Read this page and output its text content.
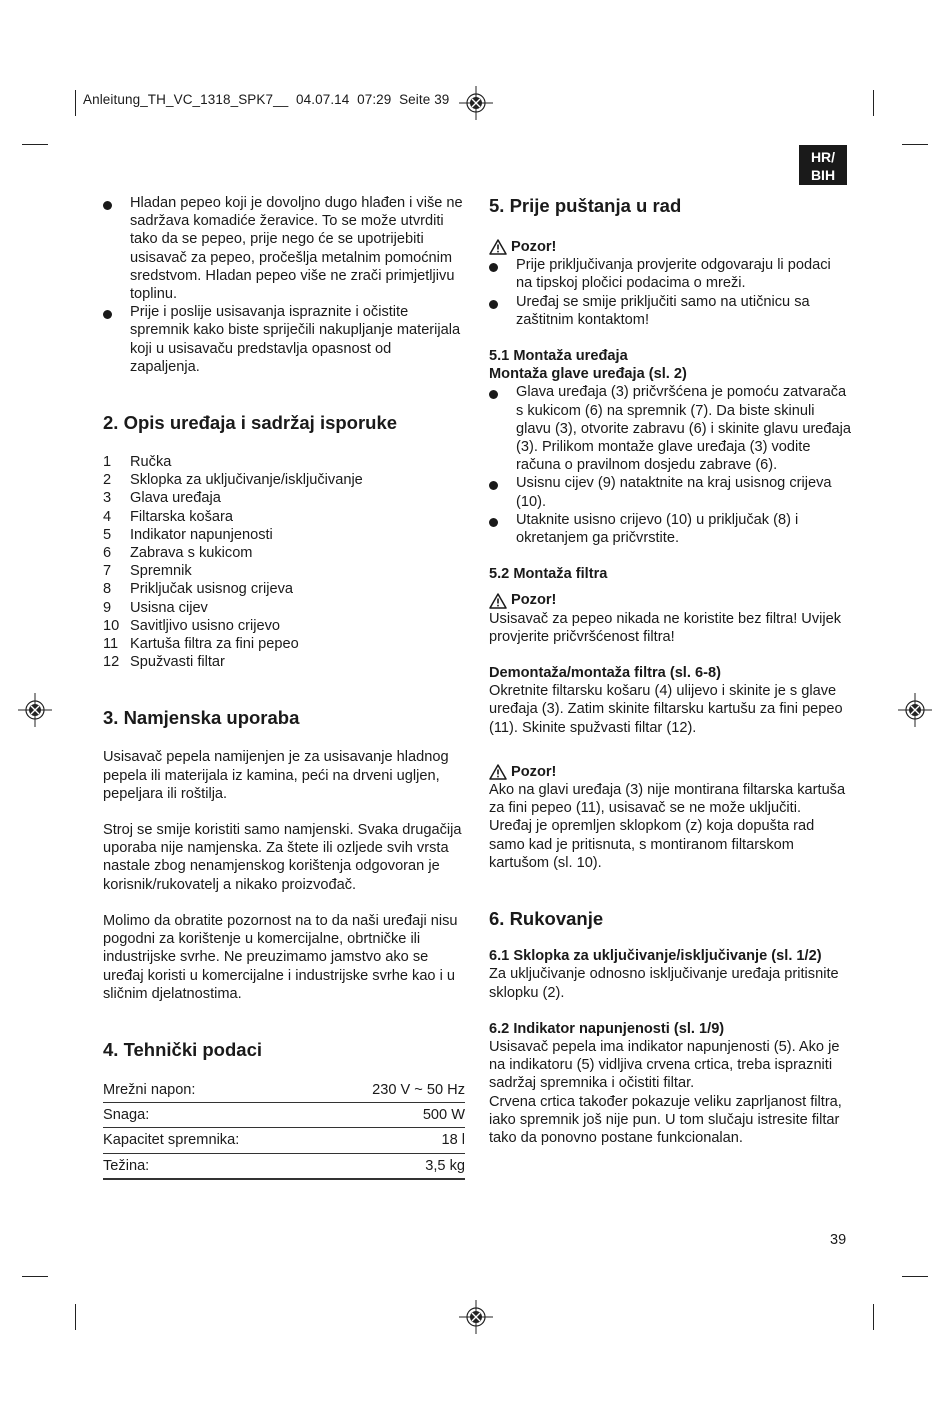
Anleitung_TH_VC_1318_SPK7__  04.07.14  07:29  Seite 39
HR/
BIH
Hladan pepeo koji je dovoljno dugo hlađen i više ne sadržava komadiće žeravice. To se može utvrditi tako da se pepeo, prije nego će se upotrijebiti usisavač za pepeo, pročešlja metalnim pomoćnim sredstvom. Hladan pepeo više ne zrači primjetljivu toplinu.
Prije i poslije usisavanja ispraznite i očistite spremnik kako biste spriječili nakupljanje materijala koji u usisavaču predstavlja opasnost od zapaljenja.
2. Opis uređaja i sadržaj isporuke
1	Ručka
2	Sklopka za uključivanje/isključivanje
3	Glava uređaja
4	Filtarska košara
5	Indikator napunjenosti
6	Zabrava s kukicom
7	Spremnik
8	Priključak usisnog crijeva
9	Usisna cijev
10 Savitljivo usisno crijevo
11 Kartuša filtra za fini pepeo
12 Spužvasti filtar
3. Namjenska uporaba
Usisavač pepela namijenjen je za usisavanje hladnog pepela ili materijala iz kamina, peći na drveni ugljen, pepeljara ili roštilja.
Stroj se smije koristiti samo namjenski. Svaka drugačija uporaba nije namjenska. Za štete ili ozljede svih vrsta nastale zbog nenamjenskog korištenja odgovoran je korisnik/rukovatelj a nikako proizvođač.
Molimo da obratite pozornost na to da naši uređaji nisu pogodni za korištenje u komercijalne, obrtničke ili industrijske svrhe. Ne preuzimamo jamstvo ako se uređaj koristi u komercijalne i industrijske svrhe kao i u sličnim djelatnostima.
4. Tehnički podaci
Mrežni napon:	230 V ~ 50 Hz
Snaga:	500 W
Kapacitet spremnika:	18 l
Težina:	3,5 kg
5. Prije puštanja u rad
Pozor!
Prije priključivanja provjerite odgovaraju li podaci na tipskoj pločici podacima o mreži.
Uređaj se smije priključiti samo na utičnicu sa zaštitnim kontaktom!
5.1 Montaža uređaja
Montaža glave uređaja (sl. 2)
Glava uređaja (3) pričvršćena je pomoću zatvarača s kukicom (6) na spremnik (7). Da biste skinuli glavu (3), otvorite zabravu (6) i skinite glavu uređaja (3). Prilikom montaže glave uređaja (3) vodite računa o pravilnom dosjedu zabrave (6).
Usisnu cijev (9) nataktnite na kraj usisnog crijeva (10).
Utaknite usisno crijevo (10) u priključak (8) i okretanjem ga pričvrstite.
5.2 Montaža filtra
Pozor!
Usisavač za pepeo nikada ne koristite bez filtra! Uvijek provjerite pričvršćenost filtra!
Demontaža/montaža filtra (sl. 6-8)
Okretnite filtarsku košaru (4) ulijevo i skinite je s glave uređaja (3). Zatim skinite filtarsku kartušu za fini pepeo (11). Skinite spužvasti filtar (12).
Pozor!
Ako na glavi uređaja (3) nije montirana filtarska kartuša za fini pepeo (11), usisavač se ne može uključiti.
Uređaj je opremljen sklopkom (z) koja dopušta rad samo kad je pritisnuta, s montiranom filtarskom kartušom (sl. 10).
6. Rukovanje
6.1 Sklopka za uključivanje/isključivanje (sl. 1/2)
Za uključivanje odnosno isključivanje uređaja pritisnite sklopku (2).
6.2 Indikator napunjenosti (sl. 1/9)
Usisavač pepela ima indikator napunjenosti (5). Ako je na indikatoru (5) vidljiva crvena crtica, treba isprazniti sadržaj spremnika i očistiti filtar.
Crvena crtica također pokazuje veliku zaprljanost filtra, iako spremnik još nije pun. U tom slučaju istresite filtar tako da ponovno postane funkcionalan.
39
